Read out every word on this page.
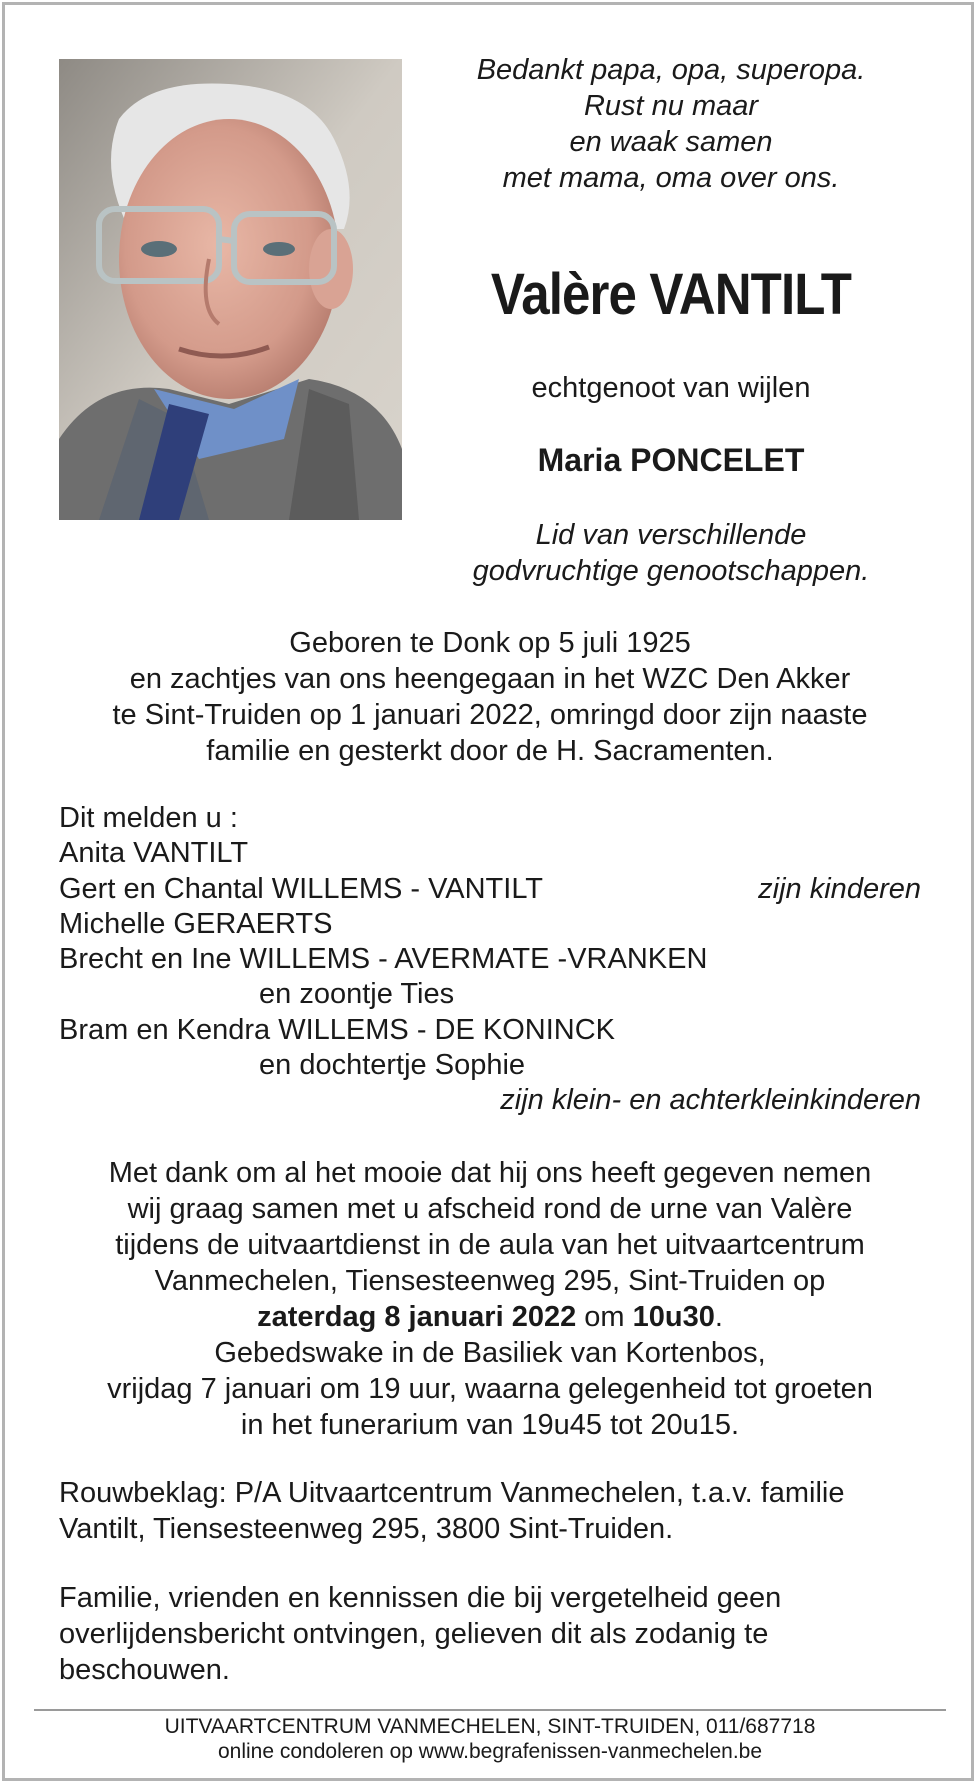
Bedankt papa, opa, superopa.
Rust nu maar
en waak samen
met mama, oma over ons.
Valère VANTILT
echtgenoot van wijlen
Maria PONCELET
Lid van verschillende
godvruchtige genootschappen.
Geboren te Donk op 5 juli 1925
en zachtjes van ons heengegaan in het WZC Den Akker
te Sint-Truiden op 1 januari 2022, omringd door zijn naaste
familie en gesterkt door de H. Sacramenten.
Dit melden u :
Anita VANTILT
Gert en Chantal WILLEMS - VANTILT	zijn kinderen
Michelle GERAERTS
Brecht en Ine WILLEMS - AVERMATE -VRANKEN
en zoontje Ties
Bram en Kendra WILLEMS - DE KONINCK
en dochtertje Sophie
zijn klein- en achterkleinkinderen
Met dank om al het mooie dat hij ons heeft gegeven nemen
wij graag samen met u afscheid rond de urne van Valère
tijdens de uitvaartdienst in de aula van het uitvaartcentrum
Vanmechelen, Tiensesteenweg 295, Sint-Truiden op
zaterdag 8 januari 2022 om 10u30.
Gebedswake in de Basiliek van Kortenbos,
vrijdag 7 januari om 19 uur, waarna gelegenheid tot groeten
in het funerarium van 19u45 tot 20u15.
Rouwbeklag: P/A Uitvaartcentrum Vanmechelen, t.a.v. familie
Vantilt, Tiensesteenweg 295, 3800 Sint-Truiden.
Familie, vrienden en kennissen die bij vergetelheid geen
overlijdensbericht ontvingen, gelieven dit als zodanig te
beschouwen.
UITVAARTCENTRUM VANMECHELEN, SINT-TRUIDEN, 011/687718
online condoleren op www.begrafenissen-vanmechelen.be
